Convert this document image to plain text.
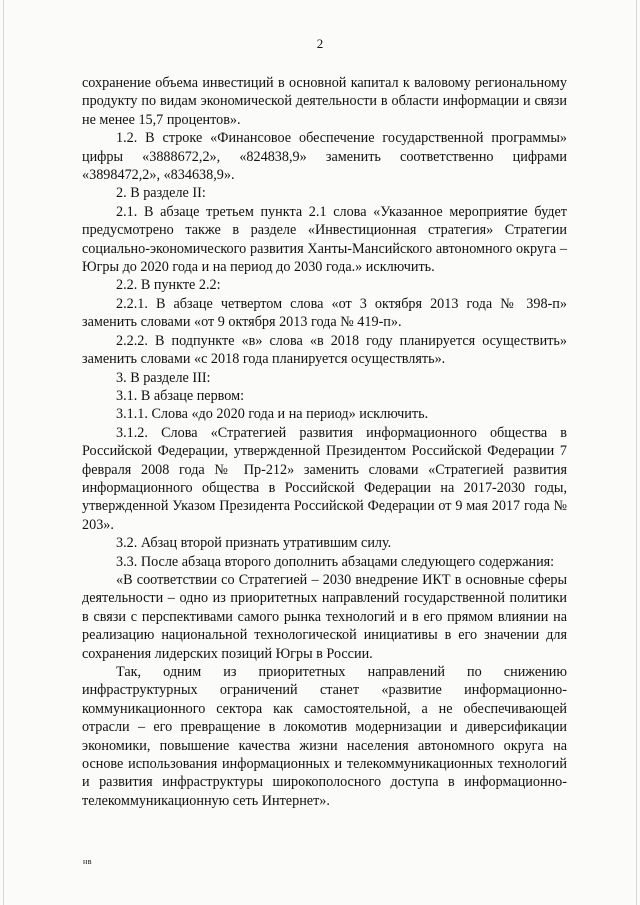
2

сохранение объема инвестиций в основной капитал к валовому региональному продукту по видам экономической деятельности в области информации и связи не менее 15,7 процентов».

1.2. В строке «Финансовое обеспечение государственной программы» цифры «3888672,2», «824838,9» заменить соответственно цифрами «3898472,2», «834638,9».

2. В разделе II:

2.1. В абзаце третьем пункта 2.1 слова «Указанное мероприятие будет предусмотрено также в разделе «Инвестиционная стратегия» Стратегии социально-экономического развития Ханты-Мансийского автономного округа – Югры до 2020 года и на период до 2030 года.» исключить.

2.2. В пункте 2.2:

2.2.1. В абзаце четвертом слова «от 3 октября 2013 года № 398-п» заменить словами «от 9 октября 2013 года № 419-п».

2.2.2. В подпункте «в» слова «в 2018 году планируется осуществить» заменить словами «с 2018 года планируется осуществлять».

3. В разделе III:

3.1. В абзаце первом:

3.1.1. Слова «до 2020 года и на период» исключить.

3.1.2. Слова «Стратегией развития информационного общества в Российской Федерации, утвержденной Президентом Российской Федерации 7 февраля 2008 года № Пр-212» заменить словами «Стратегией развития информационного общества в Российской Федерации на 2017-2030 годы, утвержденной Указом Президента Российской Федерации от 9 мая 2017 года № 203».

3.2. Абзац второй признать утратившим силу.

3.3. После абзаца второго дополнить абзацами следующего содержания:

«В соответствии со Стратегией – 2030 внедрение ИКТ в основные сферы деятельности – одно из приоритетных направлений государственной политики в связи с перспективами самого рынка технологий и в его прямом влиянии на реализацию национальной технологической инициативы в его значении для сохранения лидерских позиций Югры в России.

Так, одним из приоритетных направлений по снижению инфраструктурных ограничений станет «развитие информационно-коммуникационного сектора как самостоятельной, а не обеспечивающей отрасли – его превращение в локомотив модернизации и диверсификации экономики, повышение качества жизни населения автономного округа на основе использования информационных и телекоммуникационных технологий и развития инфраструктуры широкополосного доступа в информационно-телекоммуникационную сеть Интернет».

нв
